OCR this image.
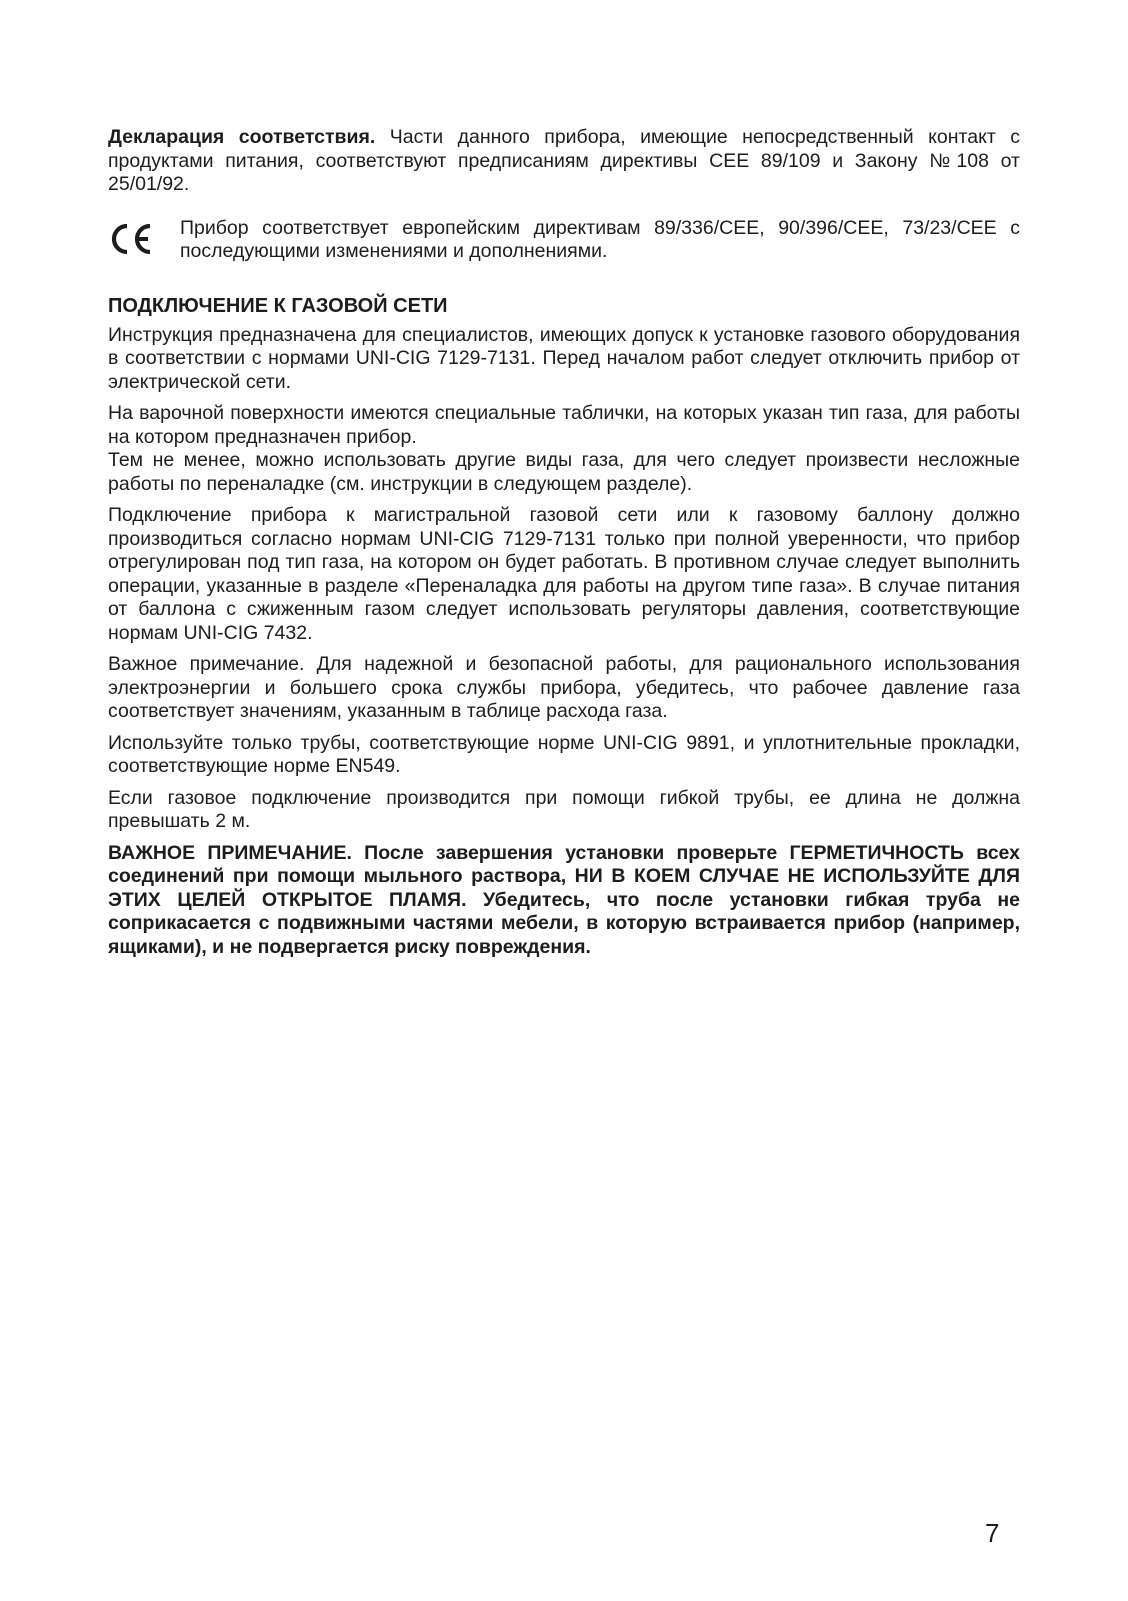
Декларация соответствия. Части данного прибора, имеющие непосредственный контакт с продуктами питания, соответствуют предписаниям директивы CEE 89/109 и Закону №108 от 25/01/92.

Прибор соответствует европейским директивам 89/336/CEE, 90/396/CEE, 73/23/CEE с последующими изменениями и дополнениями.

ПОДКЛЮЧЕНИЕ К ГАЗОВОЙ СЕТИ

Инструкция предназначена для специалистов, имеющих допуск к установке газового оборудования в соответствии с нормами UNI-CIG 7129-7131. Перед началом работ следует отключить прибор от электрической сети.

На варочной поверхности имеются специальные таблички, на которых указан тип газа, для работы на котором предназначен прибор.

Тем не менее, можно использовать другие виды газа, для чего следует произвести несложные работы по переналадке (см. инструкции в следующем разделе).

Подключение прибора к магистральной газовой сети или к газовому баллону должно производиться согласно нормам UNI-CIG 7129-7131 только при полной уверенности, что прибор отрегулирован под тип газа, на котором он будет работать. В противном случае следует выполнить операции, указанные в разделе «Переналадка для работы на другом типе газа». В случае питания от баллона с сжиженным газом следует использовать регуляторы давления, соответствующие нормам UNI-CIG 7432.

Важное примечание. Для надежной и безопасной работы, для рационального использования электроэнергии и большего срока службы прибора, убедитесь, что рабочее давление газа соответствует значениям, указанным в таблице расхода газа.

Используйте только трубы, соответствующие норме UNI-CIG 9891, и уплотнительные прокладки, соответствующие норме EN549.

Если газовое подключение производится при помощи гибкой трубы, ее длина не должна превышать 2 м.

ВАЖНОЕ ПРИМЕЧАНИЕ. После завершения установки проверьте ГЕРМЕТИЧНОСТЬ всех соединений при помощи мыльного раствора, НИ В КОЕМ СЛУЧАЕ НЕ ИСПОЛЬЗУЙТЕ ДЛЯ ЭТИХ ЦЕЛЕЙ ОТКРЫТОЕ ПЛАМЯ. Убедитесь, что после установки гибкая труба не соприкасается с подвижными частями мебели, в которую встраивается прибор (например, ящиками), и не подвергается риску повреждения.

7
